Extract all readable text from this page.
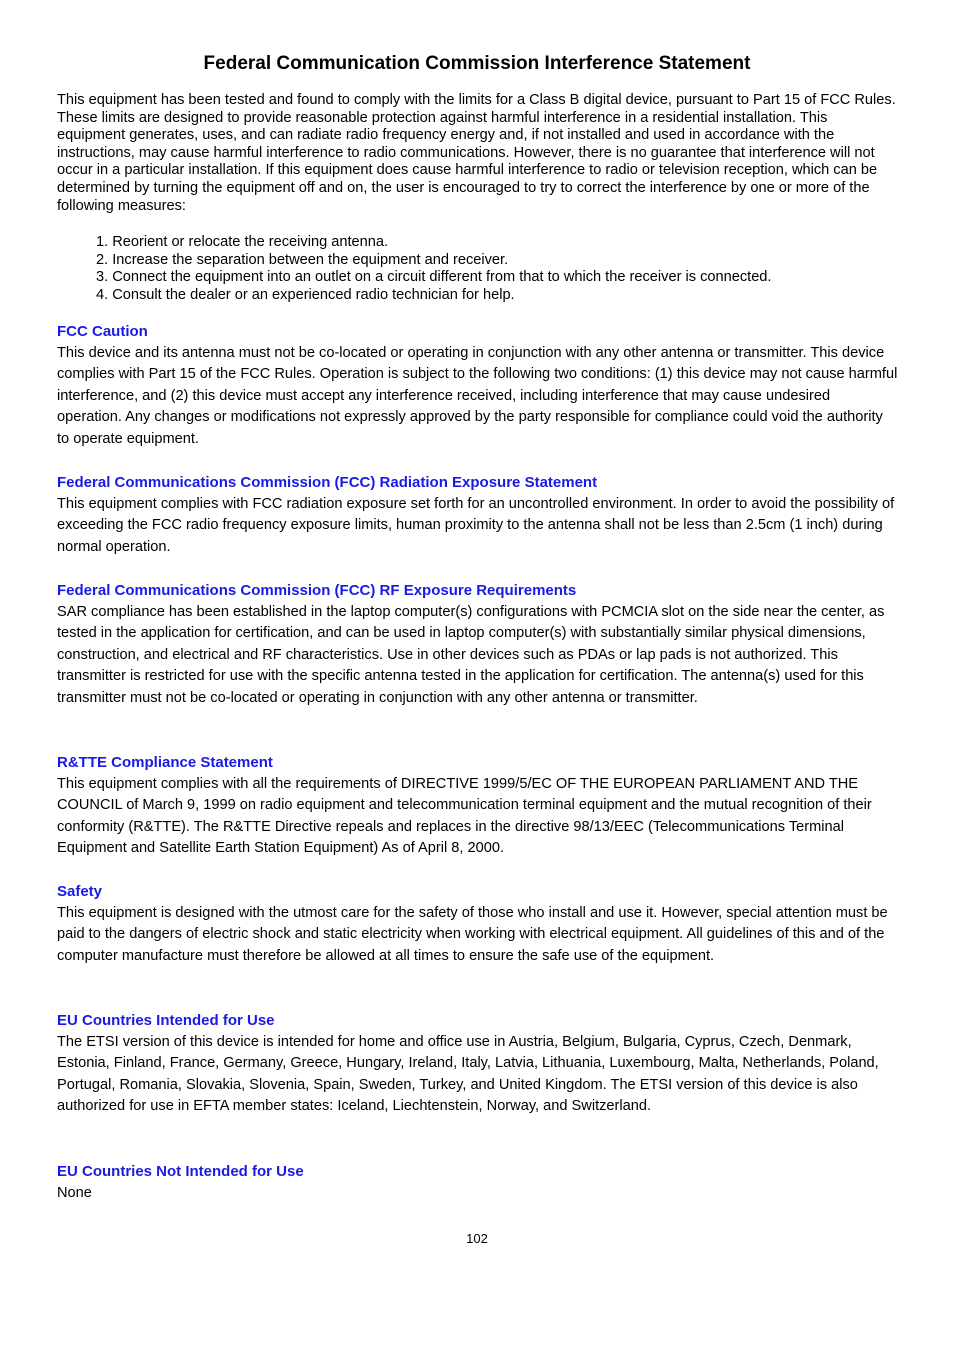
Federal Communication Commission Interference Statement

This equipment has been tested and found to comply with the limits for a Class B digital device, pursuant to Part 15 of FCC Rules. These limits are designed to provide reasonable protection against harmful interference in a residential installation. This equipment generates, uses, and can radiate radio frequency energy and, if not installed and used in accordance with the instructions, may cause harmful interference to radio communications. However, there is no guarantee that interference will not occur in a particular installation. If this equipment does cause harmful interference to radio or television reception, which can be determined by turning the equipment off and on, the user is encouraged to try to correct the interference by one or more of the following measures:

1. Reorient or relocate the receiving antenna.
2. Increase the separation between the equipment and receiver.
3. Connect the equipment into an outlet on a circuit different from that to which the receiver is connected.
4. Consult the dealer or an experienced radio technician for help.
FCC Caution

This device and its antenna must not be co-located or operating in conjunction with any other antenna or transmitter. This device complies with Part 15 of the FCC Rules. Operation is subject to the following two conditions: (1) this device may not cause harmful interference, and (2) this device must accept any interference received, including interference that may cause undesired operation. Any changes or modifications not expressly approved by the party responsible for compliance could void the authority to operate equipment.

Federal Communications Commission (FCC) Radiation Exposure Statement

This equipment complies with FCC radiation exposure set forth for an uncontrolled environment. In order to avoid the possibility of exceeding the FCC radio frequency exposure limits, human proximity to the antenna shall not be less than 2.5cm (1 inch) during normal operation.

Federal Communications Commission (FCC) RF Exposure Requirements

SAR compliance has been established in the laptop computer(s) configurations with PCMCIA slot on the side near the center, as tested in the application for certification, and can be used in laptop computer(s) with substantially similar physical dimensions, construction, and electrical and RF characteristics. Use in other devices such as PDAs or lap pads is not authorized. This transmitter is restricted for use with the specific antenna tested in the application for certification. The antenna(s) used for this transmitter must not be co-located or operating in conjunction with any other antenna or transmitter.

R&TTE Compliance Statement

This equipment complies with all the requirements of DIRECTIVE 1999/5/EC OF THE EUROPEAN PARLIAMENT AND THE COUNCIL of March 9, 1999 on radio equipment and telecommunication terminal equipment and the mutual recognition of their conformity (R&TTE). The R&TTE Directive repeals and replaces in the directive 98/13/EEC (Telecommunications Terminal Equipment and Satellite Earth Station Equipment) As of April 8, 2000.

Safety

This equipment is designed with the utmost care for the safety of those who install and use it. However, special attention must be paid to the dangers of electric shock and static electricity when working with electrical equipment. All guidelines of this and of the computer manufacture must therefore be allowed at all times to ensure the safe use of the equipment.

EU Countries Intended for Use

The ETSI version of this device is intended for home and office use in Austria, Belgium, Bulgaria, Cyprus, Czech, Denmark, Estonia, Finland, France, Germany, Greece, Hungary, Ireland, Italy, Latvia, Lithuania, Luxembourg, Malta, Netherlands, Poland, Portugal, Romania, Slovakia, Slovenia, Spain, Sweden, Turkey, and United Kingdom. The ETSI version of this device is also authorized for use in EFTA member states: Iceland, Liechtenstein, Norway, and Switzerland.

EU Countries Not Intended for Use

None

102
